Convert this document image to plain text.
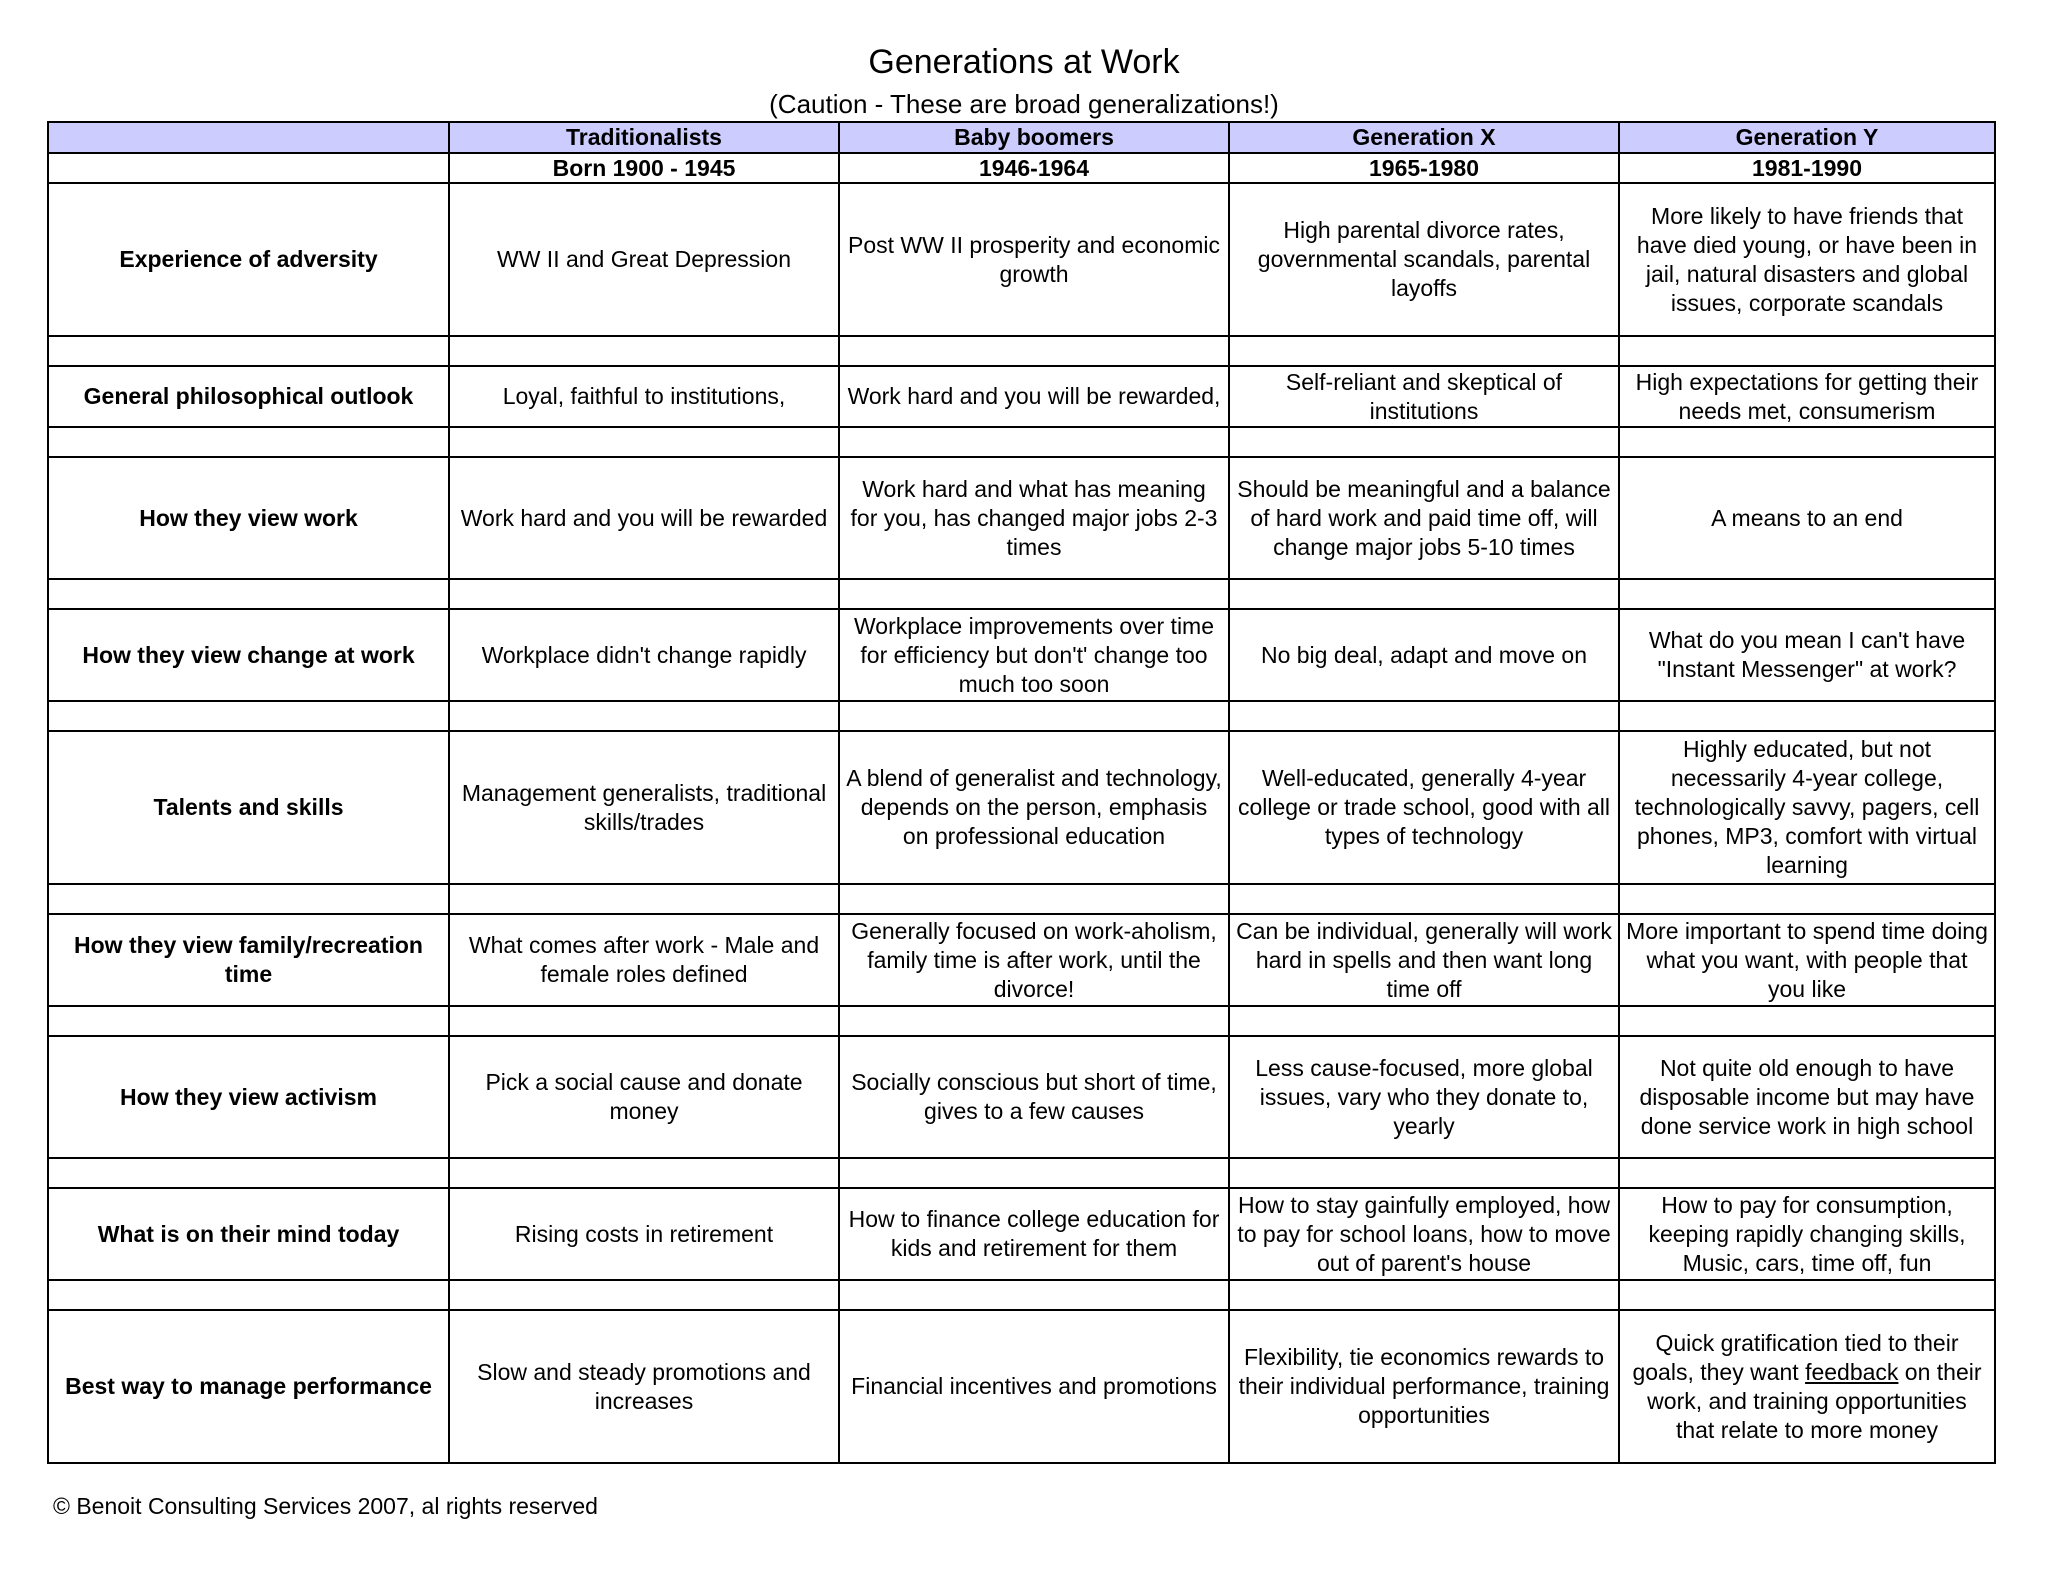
Generations at Work
(Caution - These are broad generalizations!)
	Traditionalists	Baby boomers	Generation X	Generation Y
	Born 1900 - 1945	1946-1964	1965-1980	1981-1990
Experience of adversity	WW II and Great Depression	Post WW II prosperity and economic growth	High parental divorce rates, governmental scandals, parental layoffs	More likely to have friends that have died young, or have been in jail, natural disasters and global issues, corporate scandals

General philosophical outlook	Loyal, faithful to institutions,	Work hard and you will be rewarded,	Self-reliant and skeptical of institutions	High expectations for getting their needs met, consumerism

How they view work	Work hard and you will be rewarded	Work hard and what has meaning for you, has changed major jobs 2-3 times	Should be meaningful and a balance of hard work and paid time off, will change major jobs 5-10 times	A means to an end

How they view change at work	Workplace didn't change rapidly	Workplace improvements over time for efficiency but don't' change too much too soon	No big deal, adapt and move on	What do you mean I can't have "Instant Messenger" at work?

Talents and skills	Management generalists, traditional skills/trades	A blend of generalist and technology, depends on the person, emphasis on professional education	Well-educated, generally 4-year college or trade school, good with all types of technology	Highly educated, but not necessarily 4-year college, technologically savvy, pagers, cell phones, MP3, comfort with virtual learning

How they view family/recreation time	What comes after work - Male and female roles defined	Generally focused on work-aholism, family time is after work, until the divorce!	Can be individual, generally will work hard in spells and then want long time off	More important to spend time doing what you want, with people that you like

How they view activism	Pick a social cause and donate money	Socially conscious but short of time, gives to a few causes	Less cause-focused, more global issues, vary who they donate to, yearly	Not quite old enough to have disposable income but may have done service work in high school

What is on their mind today	Rising costs in retirement	How to finance college education for kids and retirement for them	How to stay gainfully employed, how to pay for school loans, how to move out of parent's house	How to pay for consumption, keeping rapidly changing skills, Music, cars, time off, fun

Best way to manage performance	Slow and steady promotions and increases	Financial incentives and promotions	Flexibility, tie economics rewards to their individual performance, training opportunities	Quick gratification tied to their goals, they want feedback on their work, and training opportunities that relate to more money
© Benoit Consulting Services 2007, al rights reserved
